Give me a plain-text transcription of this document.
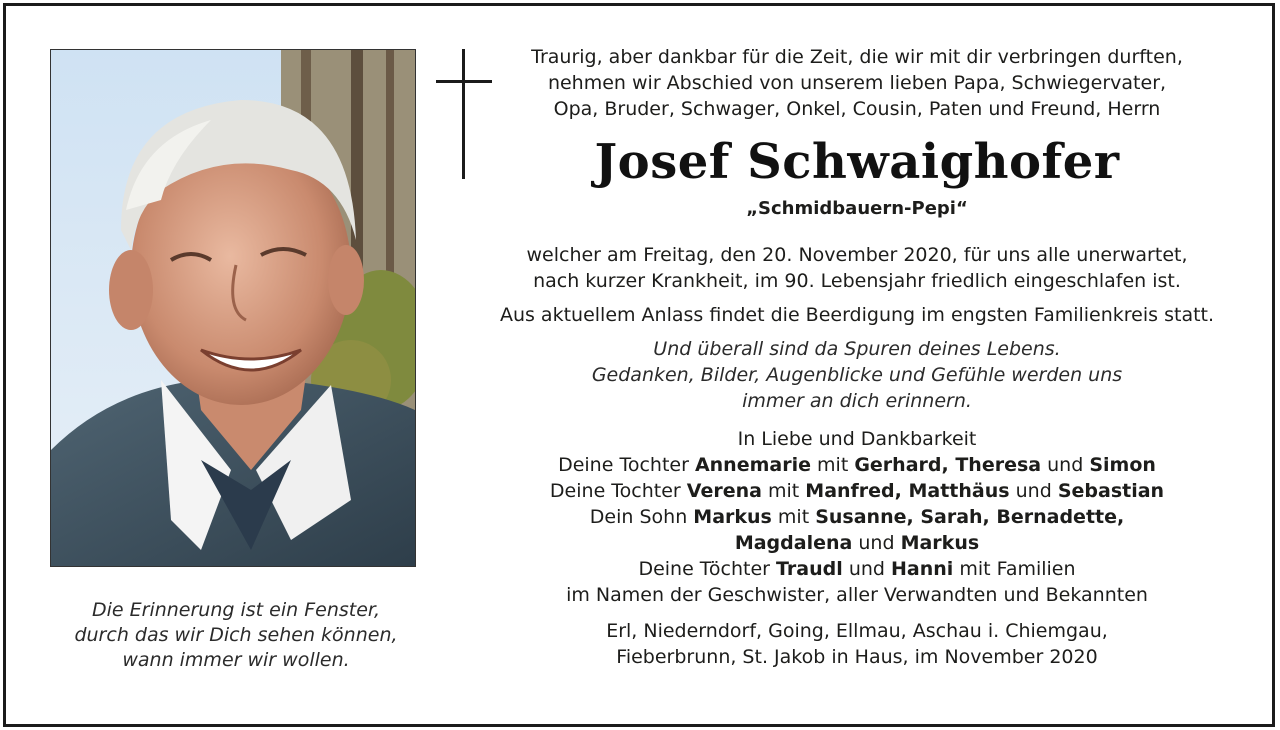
Die Erinnerung ist ein Fenster,
durch das wir Dich sehen können,
wann immer wir wollen.
Traurig, aber dankbar für die Zeit, die wir mit dir verbringen durften,
nehmen wir Abschied von unserem lieben Papa, Schwiegervater,
Opa, Bruder, Schwager, Onkel, Cousin, Paten und Freund, Herrn
Josef Schwaighofer
„Schmidbauern-Pepi“
welcher am Freitag, den 20. November 2020, für uns alle unerwartet,
nach kurzer Krankheit, im 90. Lebensjahr friedlich eingeschlafen ist.
Aus aktuellem Anlass findet die Beerdigung im engsten Familienkreis statt.
Und überall sind da Spuren deines Lebens.
Gedanken, Bilder, Augenblicke und Gefühle werden uns
immer an dich erinnern.
In Liebe und Dankbarkeit
Deine Tochter Annemarie mit Gerhard, Theresa und Simon
Deine Tochter Verena mit Manfred, Matthäus und Sebastian
Dein Sohn Markus mit Susanne, Sarah, Bernadette,
Magdalena und Markus
Deine Töchter Traudl und Hanni mit Familien
im Namen der Geschwister, aller Verwandten und Bekannten
Erl, Niederndorf, Going, Ellmau, Aschau i. Chiemgau,
Fieberbrunn, St. Jakob in Haus, im November 2020
